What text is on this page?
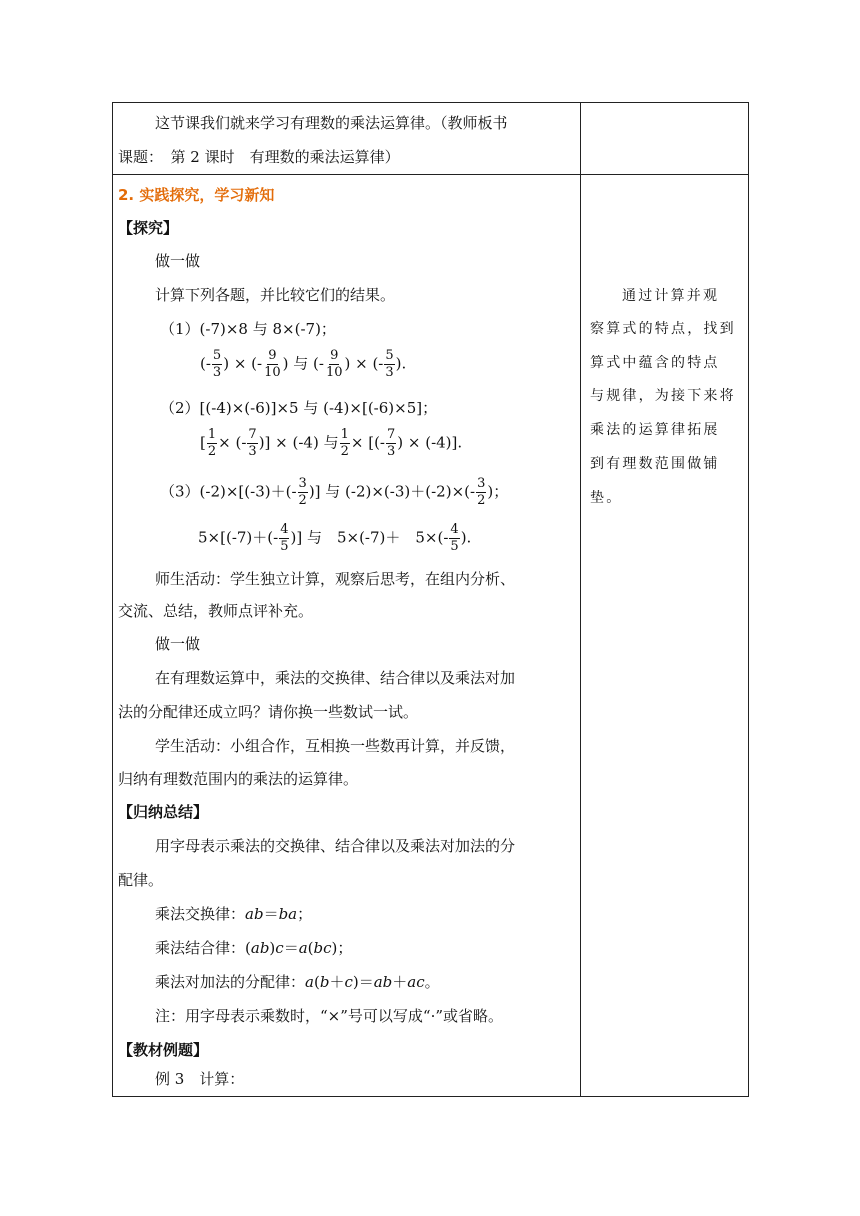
这节课我们就来学习有理数的乘法运算律。（教师板书
课题：　第 2 课时　有理数的乘法运算律）
2. 实践探究，学习新知
【探究】
做一做
计算下列各题，并比较它们的结果。
（1）(-7)×8 与 8×(-7)；
(- $\frac{5}{3}$ ) × (- $\frac{9}{10}$ ) 与 (- $\frac{9}{10}$ ) × (- $\frac{5}{3}$ ).
（2）[(-4)×(-6)]×5 与 (-4)×[(-6)×5]；
[ $\frac{1}{2}$ × (- $\frac{7}{3}$ )] × (-4) 与 $\frac{1}{2}$ × [(- $\frac{7}{3}$ ) × (-4)].
$(3)(-2)\times[(-3)+(- \frac{3}{2}$ )] 与 $(-2)\times(-3)+(-2)\times(- \frac{3}{2}$ )；
$5\times[(-7)+(- \frac{4}{5}$ )] 与　5×(-7)＋　$5\times(- \frac{4}{5}$ ).
师生活动：学生独立计算，观察后思考，在组内分析、
交流、总结，教师点评补充。
做一做
在有理数运算中，乘法的交换律、结合律以及乘法对加
法的分配律还成立吗？请你换一些数试一试。
学生活动：小组合作，互相换一些数再计算，并反馈，
归纳有理数范围内的乘法的运算律。
【归纳总结】
用字母表示乘法的交换律、结合律以及乘法对加法的分
配律。
乘法交换律：ab＝ba；
乘法结合律：(ab)c＝a(bc)；
乘法对加法的分配律：a(b＋c)＝ab＋ac。
注：用字母表示乘数时，“×”号可以写成“·”或省略。
【教材例题】
例 3　计算：
通过计算并观
察算式的特点，找到
算式中蕴含的特点
与规律，为接下来将
乘法的运算律拓展
到有理数范围做铺
垫。
